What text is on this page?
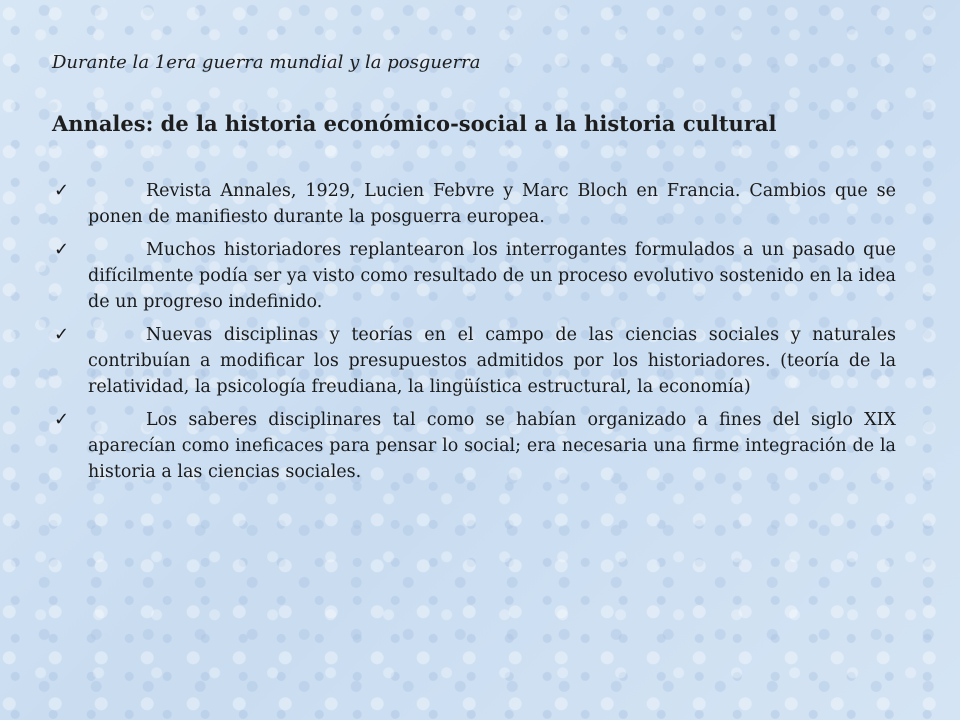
Durante la 1era guerra mundial y la posguerra
Annales: de la historia económico-social a la historia cultural
✓	Revista Annales, 1929, Lucien Febvre y Marc Bloch en Francia. Cambios que se ponen de manifiesto durante la posguerra europea.
✓	Muchos historiadores replantearon los interrogantes formulados a un pasado que difícilmente podía ser ya visto como resultado de un proceso evolutivo sostenido en la idea de un progreso indefinido.
✓	Nuevas disciplinas y teorías en el campo de las ciencias sociales y naturales contribuían a modificar los presupuestos admitidos por los historiadores. (teoría de la relatividad, la psicología freudiana, la lingüística estructural, la economía)
✓	Los saberes disciplinares tal como se habían organizado a fines del siglo XIX aparecían como ineficaces para pensar lo social; era necesaria una firme integración de la historia a las ciencias sociales.
